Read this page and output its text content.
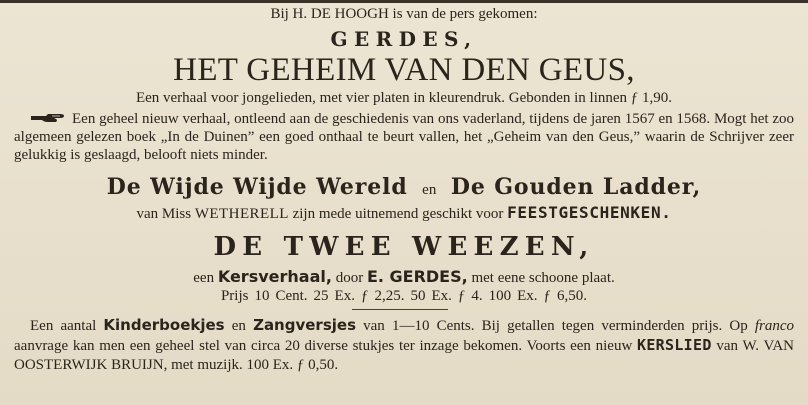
Bij H. DE HOOGH is van de pers gekomen:
GERDES,
HET GEHEIM VAN DEN GEUS,
Een verhaal voor jongelieden, met vier platen in kleurendruk. Gebonden in linnen ƒ 1,90.
Een geheel nieuw verhaal, ontleend aan de geschiedenis van ons vaderland, tijdens de jaren 1567 en 1568. Mogt het zoo algemeen gelezen boek „In de Duinen” een goed onthaal te beurt vallen, het „Geheim van den Geus,” waarin de Schrijver zeer gelukkig is geslaagd, belooft niets minder.
De Wijde Wijde Wereld en De Gouden Ladder,
van Miss WETHERELL zijn mede uitnemend geschikt voor FEESTGESCHENKEN.
DE TWEE WEEZEN,
een Kersverhaal, door E. GERDES, met eene schoone plaat.
Prijs 10 Cent. 25 Ex. ƒ 2,25. 50 Ex. ƒ 4. 100 Ex. ƒ 6,50.
Een aantal Kinderboekjes en Zangversjes van 1—10 Cents. Bij getallen tegen verminderden prijs. Op franco aanvrage kan men een geheel stel van circa 20 diverse stukjes ter inzage bekomen. Voorts een nieuw KERSLIED van W. VAN OOSTERWIJK BRUIJN, met muzijk. 100 Ex. ƒ 0,50.
